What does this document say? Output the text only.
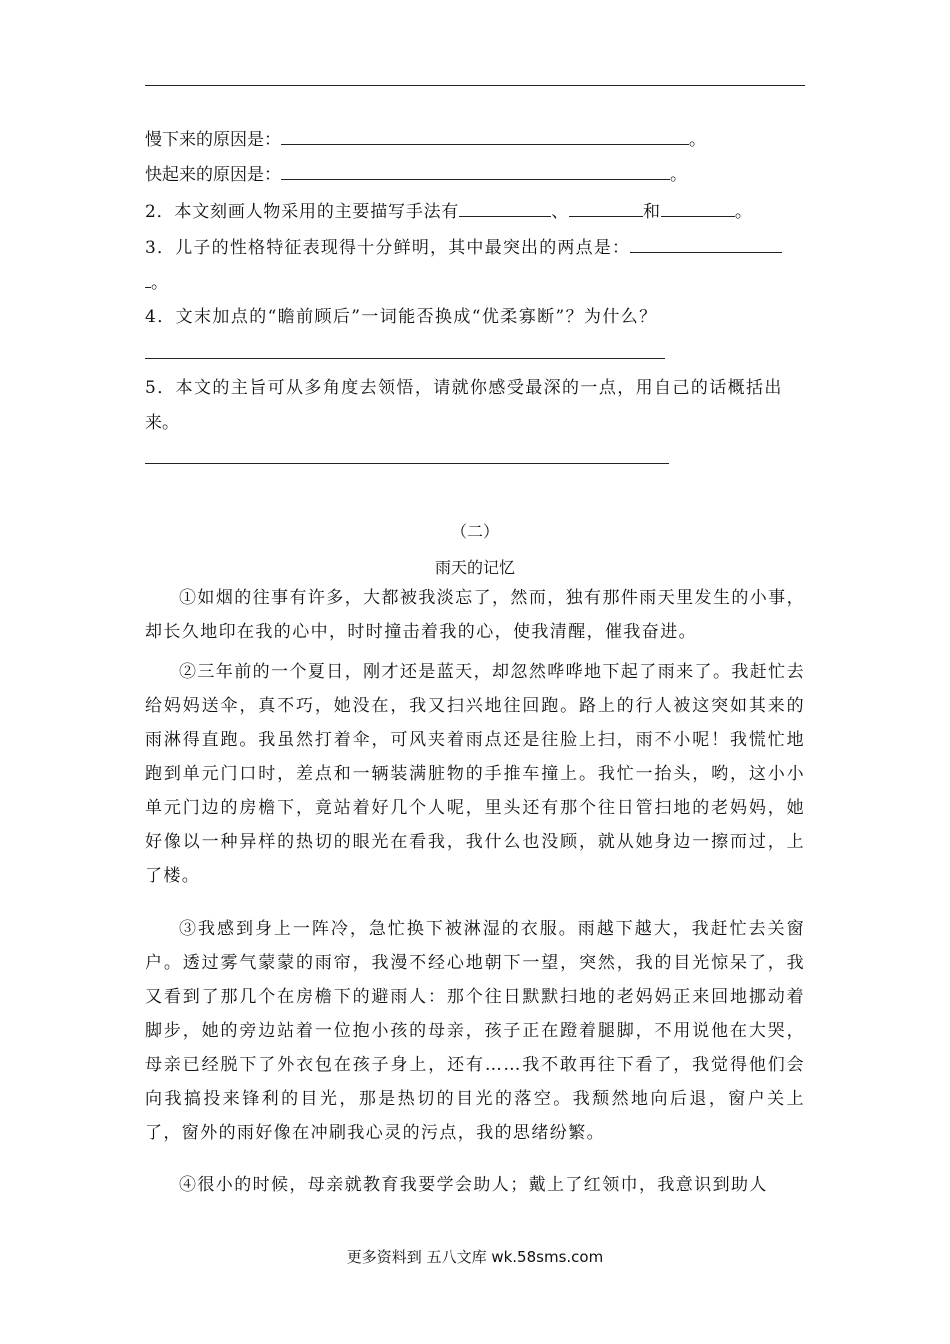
慢下来的原因是：	。
快起来的原因是：	。
2．本文刻画人物采用的主要描写手法有	、	和	。
3．儿子的性格特征表现得十分鲜明，其中最突出的两点是：
。
4．文末加点的“瞻前顾后”一词能否换成“优柔寡断”？为什么？
5．本文的主旨可从多角度去领悟，请就你感受最深的一点，用自己的话概括出
来。
（二）
雨天的记忆
①如烟的往事有许多，大都被我淡忘了，然而，独有那件雨天里发生的小事，却长久地印在我的心中，时时撞击着我的心，使我清醒，催我奋进。
②三年前的一个夏日，刚才还是蓝天，却忽然哗哗地下起了雨来了。我赶忙去给妈妈送伞，真不巧，她没在，我又扫兴地往回跑。路上的行人被这突如其来的雨淋得直跑。我虽然打着伞，可风夹着雨点还是往脸上扫，雨不小呢！我慌忙地跑到单元门口时，差点和一辆装满脏物的手推车撞上。我忙一抬头，哟，这小小单元门边的房檐下，竟站着好几个人呢，里头还有那个往日管扫地的老妈妈，她好像以一种异样的热切的眼光在看我，我什么也没顾，就从她身边一擦而过，上了楼。
③我感到身上一阵冷，急忙换下被淋湿的衣服。雨越下越大，我赶忙去关窗户。透过雾气蒙蒙的雨帘，我漫不经心地朝下一望，突然，我的目光惊呆了，我又看到了那几个在房檐下的避雨人：那个往日默默扫地的老妈妈正来回地挪动着脚步，她的旁边站着一位抱小孩的母亲，孩子正在蹬着腿脚，不用说他在大哭，母亲已经脱下了外衣包在孩子身上，还有……我不敢再往下看了，我觉得他们会向我搞投来锋利的目光，那是热切的目光的落空。我颓然地向后退，窗户关上了，窗外的雨好像在冲刷我心灵的污点，我的思绪纷繁。
④很小的时候，母亲就教育我要学会助人；戴上了红领巾，我意识到助人
更多资料到 五八文库 wk.58sms.com
